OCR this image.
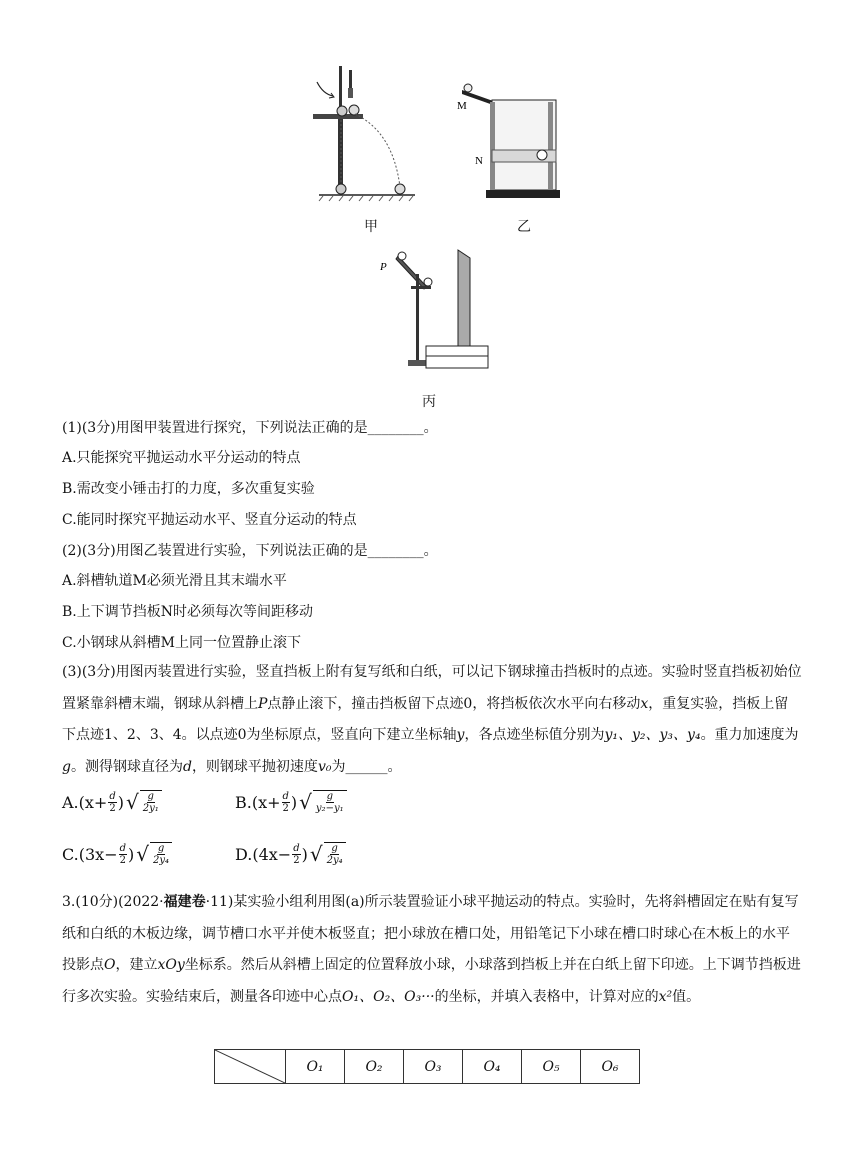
甲
M
N
乙
P
丙
(1)(3分)用图甲装置进行探究，下列说法正确的是________。
A.只能探究平抛运动水平分运动的特点
B.需改变小锤击打的力度，多次重复实验
C.能同时探究平抛运动水平、竖直分运动的特点
(2)(3分)用图乙装置进行实验，下列说法正确的是________。
A.斜槽轨道M必须光滑且其末端水平
B.上下调节挡板N时必须每次等间距移动
C.小钢球从斜槽M上同一位置静止滚下
(3)(3分)用图丙装置进行实验，竖直挡板上附有复写纸和白纸，可以记下钢球撞击挡板时的点迹。实验时竖直挡板初始位置紧靠斜槽末端，钢球从斜槽上P点静止滚下，撞击挡板留下点迹0，将挡板依次水平向右移动x，重复实验，挡板上留下点迹1、2、3、4。以点迹0为坐标原点，竖直向下建立坐标轴y，各点迹坐标值分别为y₁、y₂、y₃、y₄。重力加速度为g。测得钢球直径为d，则钢球平抛初速度v₀为______。
$A.(x+ \frac{d}{2}$ ) √ $\frac{g}{\text{2y₁}}$	$B.(x+ \frac{d}{2}$ ) √ $\frac{g}{\text{y₂−y₁}}$
$C.(3x- \frac{d}{2}$ ) √ $\frac{g}{\text{2y₄}}$	$D.(4x- \frac{d}{2}$ ) √ $\frac{g}{\text{2y₄}}$
3.(10分)(2022·福建卷·11)某实验小组利用图(a)所示装置验证小球平抛运动的特点。实验时，先将斜槽固定在贴有复写纸和白纸的木板边缘，调节槽口水平并使木板竖直；把小球放在槽口处，用铅笔记下小球在槽口时球心在木板上的水平投影点O，建立xOy坐标系。然后从斜槽上固定的位置释放小球，小球落到挡板上并在白纸上留下印迹。上下调节挡板进行多次实验。实验结束后，测量各印迹中心点O₁、O₂、O₃···的坐标，并填入表格中，计算对应的x²值。
	O₁	O₂	O₃	O₄	O₅	O₆
